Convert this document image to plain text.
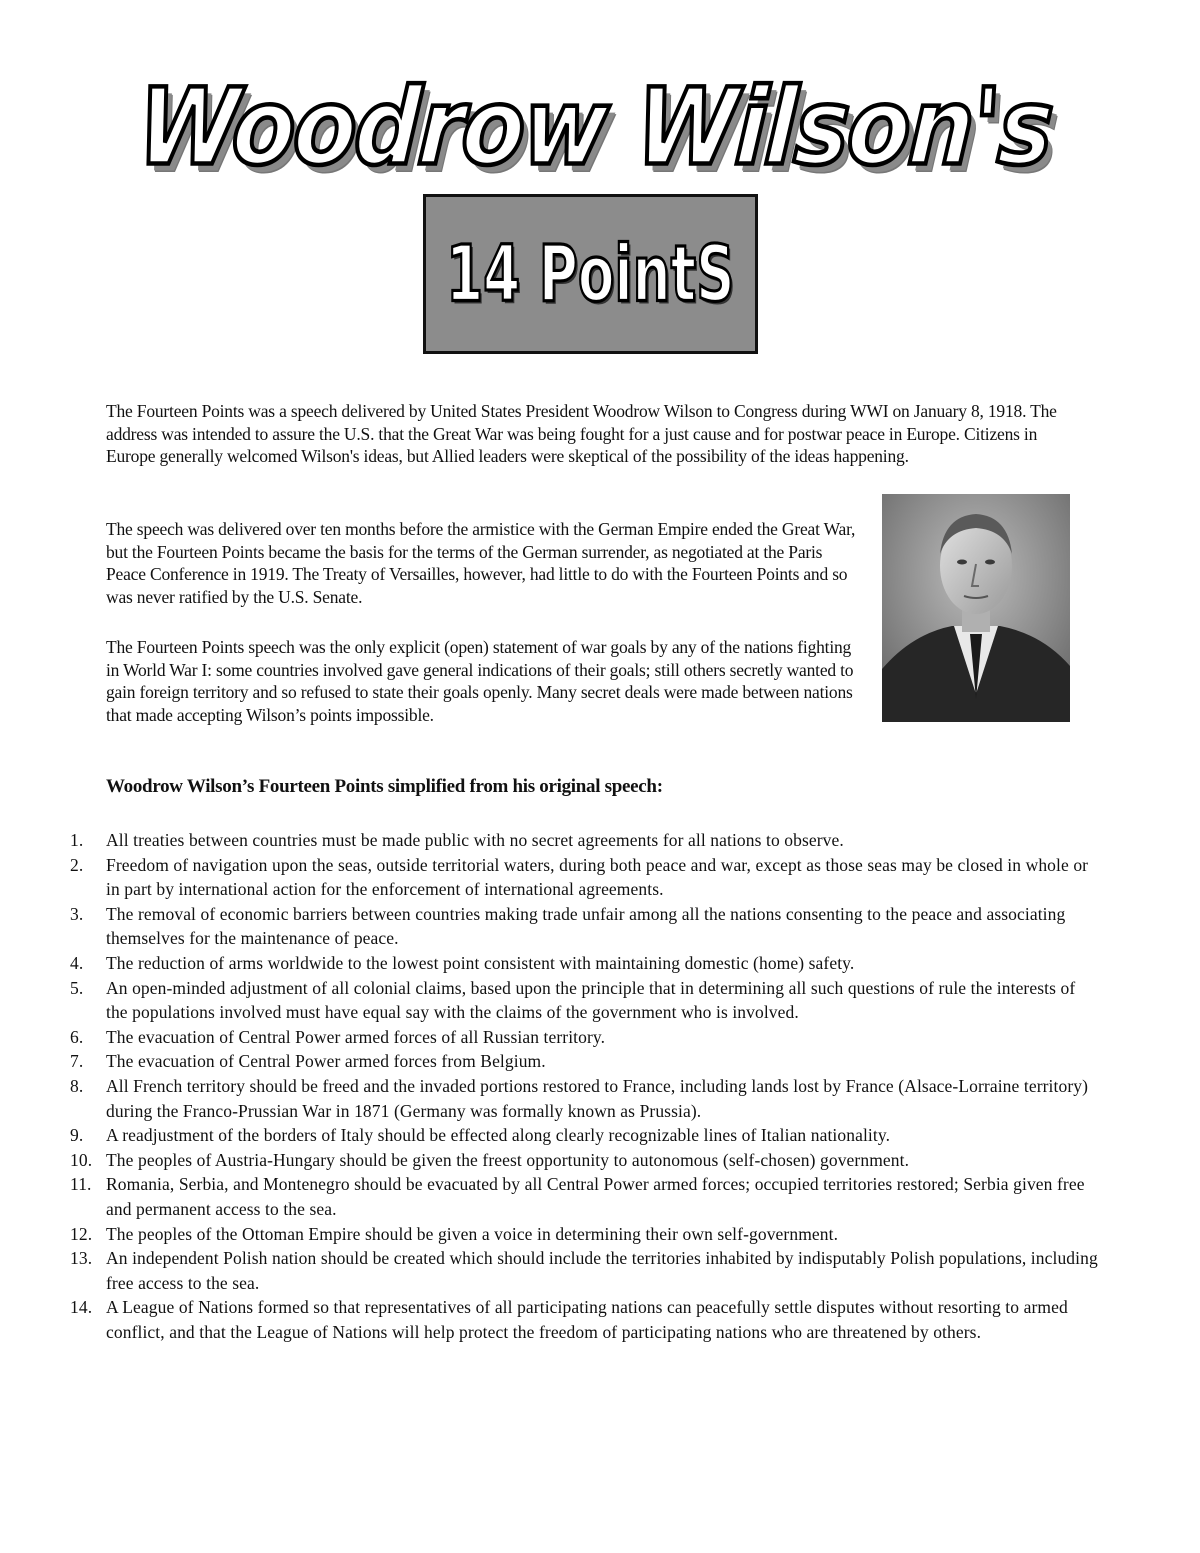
Woodrow Wilson's
14 PointS

The Fourteen Points was a speech delivered by United States President Woodrow Wilson to Congress during WWI on January 8, 1918. The address was intended to assure the U.S. that the Great War was being fought for a just cause and for postwar peace in Europe. Citizens in Europe generally welcomed Wilson's ideas, but Allied leaders were skeptical of the possibility of the ideas happening.

The speech was delivered over ten months before the armistice with the German Empire ended the Great War, but the Fourteen Points became the basis for the terms of the German surrender, as negotiated at the Paris Peace Conference in 1919. The Treaty of Versailles, however, had little to do with the Fourteen Points and so was never ratified by the U.S. Senate.

The Fourteen Points speech was the only explicit (open) statement of war goals by any of the nations fighting in World War I: some countries involved gave general indications of their goals; still others secretly wanted to gain foreign territory and so refused to state their goals openly. Many secret deals were made between nations that made accepting Wilson’s points impossible.

Woodrow Wilson’s Fourteen Points simplified from his original speech:
1. All treaties between countries must be made public with no secret agreements for all nations to observe.
2. Freedom of navigation upon the seas, outside territorial waters, during both peace and war, except as those seas may be closed in whole or in part by international action for the enforcement of international agreements.
3. The removal of economic barriers between countries making trade unfair among all the nations consenting to the peace and associating themselves for the maintenance of peace.
4. The reduction of arms worldwide to the lowest point consistent with maintaining domestic (home) safety.
5. An open-minded adjustment of all colonial claims, based upon the principle that in determining all such questions of rule the interests of the populations involved must have equal say with the claims of the government who is involved.
6. The evacuation of Central Power armed forces of all Russian territory.
7. The evacuation of Central Power armed forces from Belgium.
8. All French territory should be freed and the invaded portions restored to France, including lands lost by France (Alsace-Lorraine territory) during the Franco-Prussian War in 1871 (Germany was formally known as Prussia).
9. A readjustment of the borders of Italy should be effected along clearly recognizable lines of Italian nationality.
10. The peoples of Austria-Hungary should be given the freest opportunity to autonomous (self-chosen) government.
11. Romania, Serbia, and Montenegro should be evacuated by all Central Power armed forces; occupied territories restored; Serbia given free and permanent access to the sea.
12. The peoples of the Ottoman Empire should be given a voice in determining their own self-government.
13. An independent Polish nation should be created which should include the territories inhabited by indisputably Polish populations, including free access to the sea.
14. A League of Nations formed so that representatives of all participating nations can peacefully settle disputes without resorting to armed conflict, and that the League of Nations will help protect the freedom of participating nations who are threatened by others.
